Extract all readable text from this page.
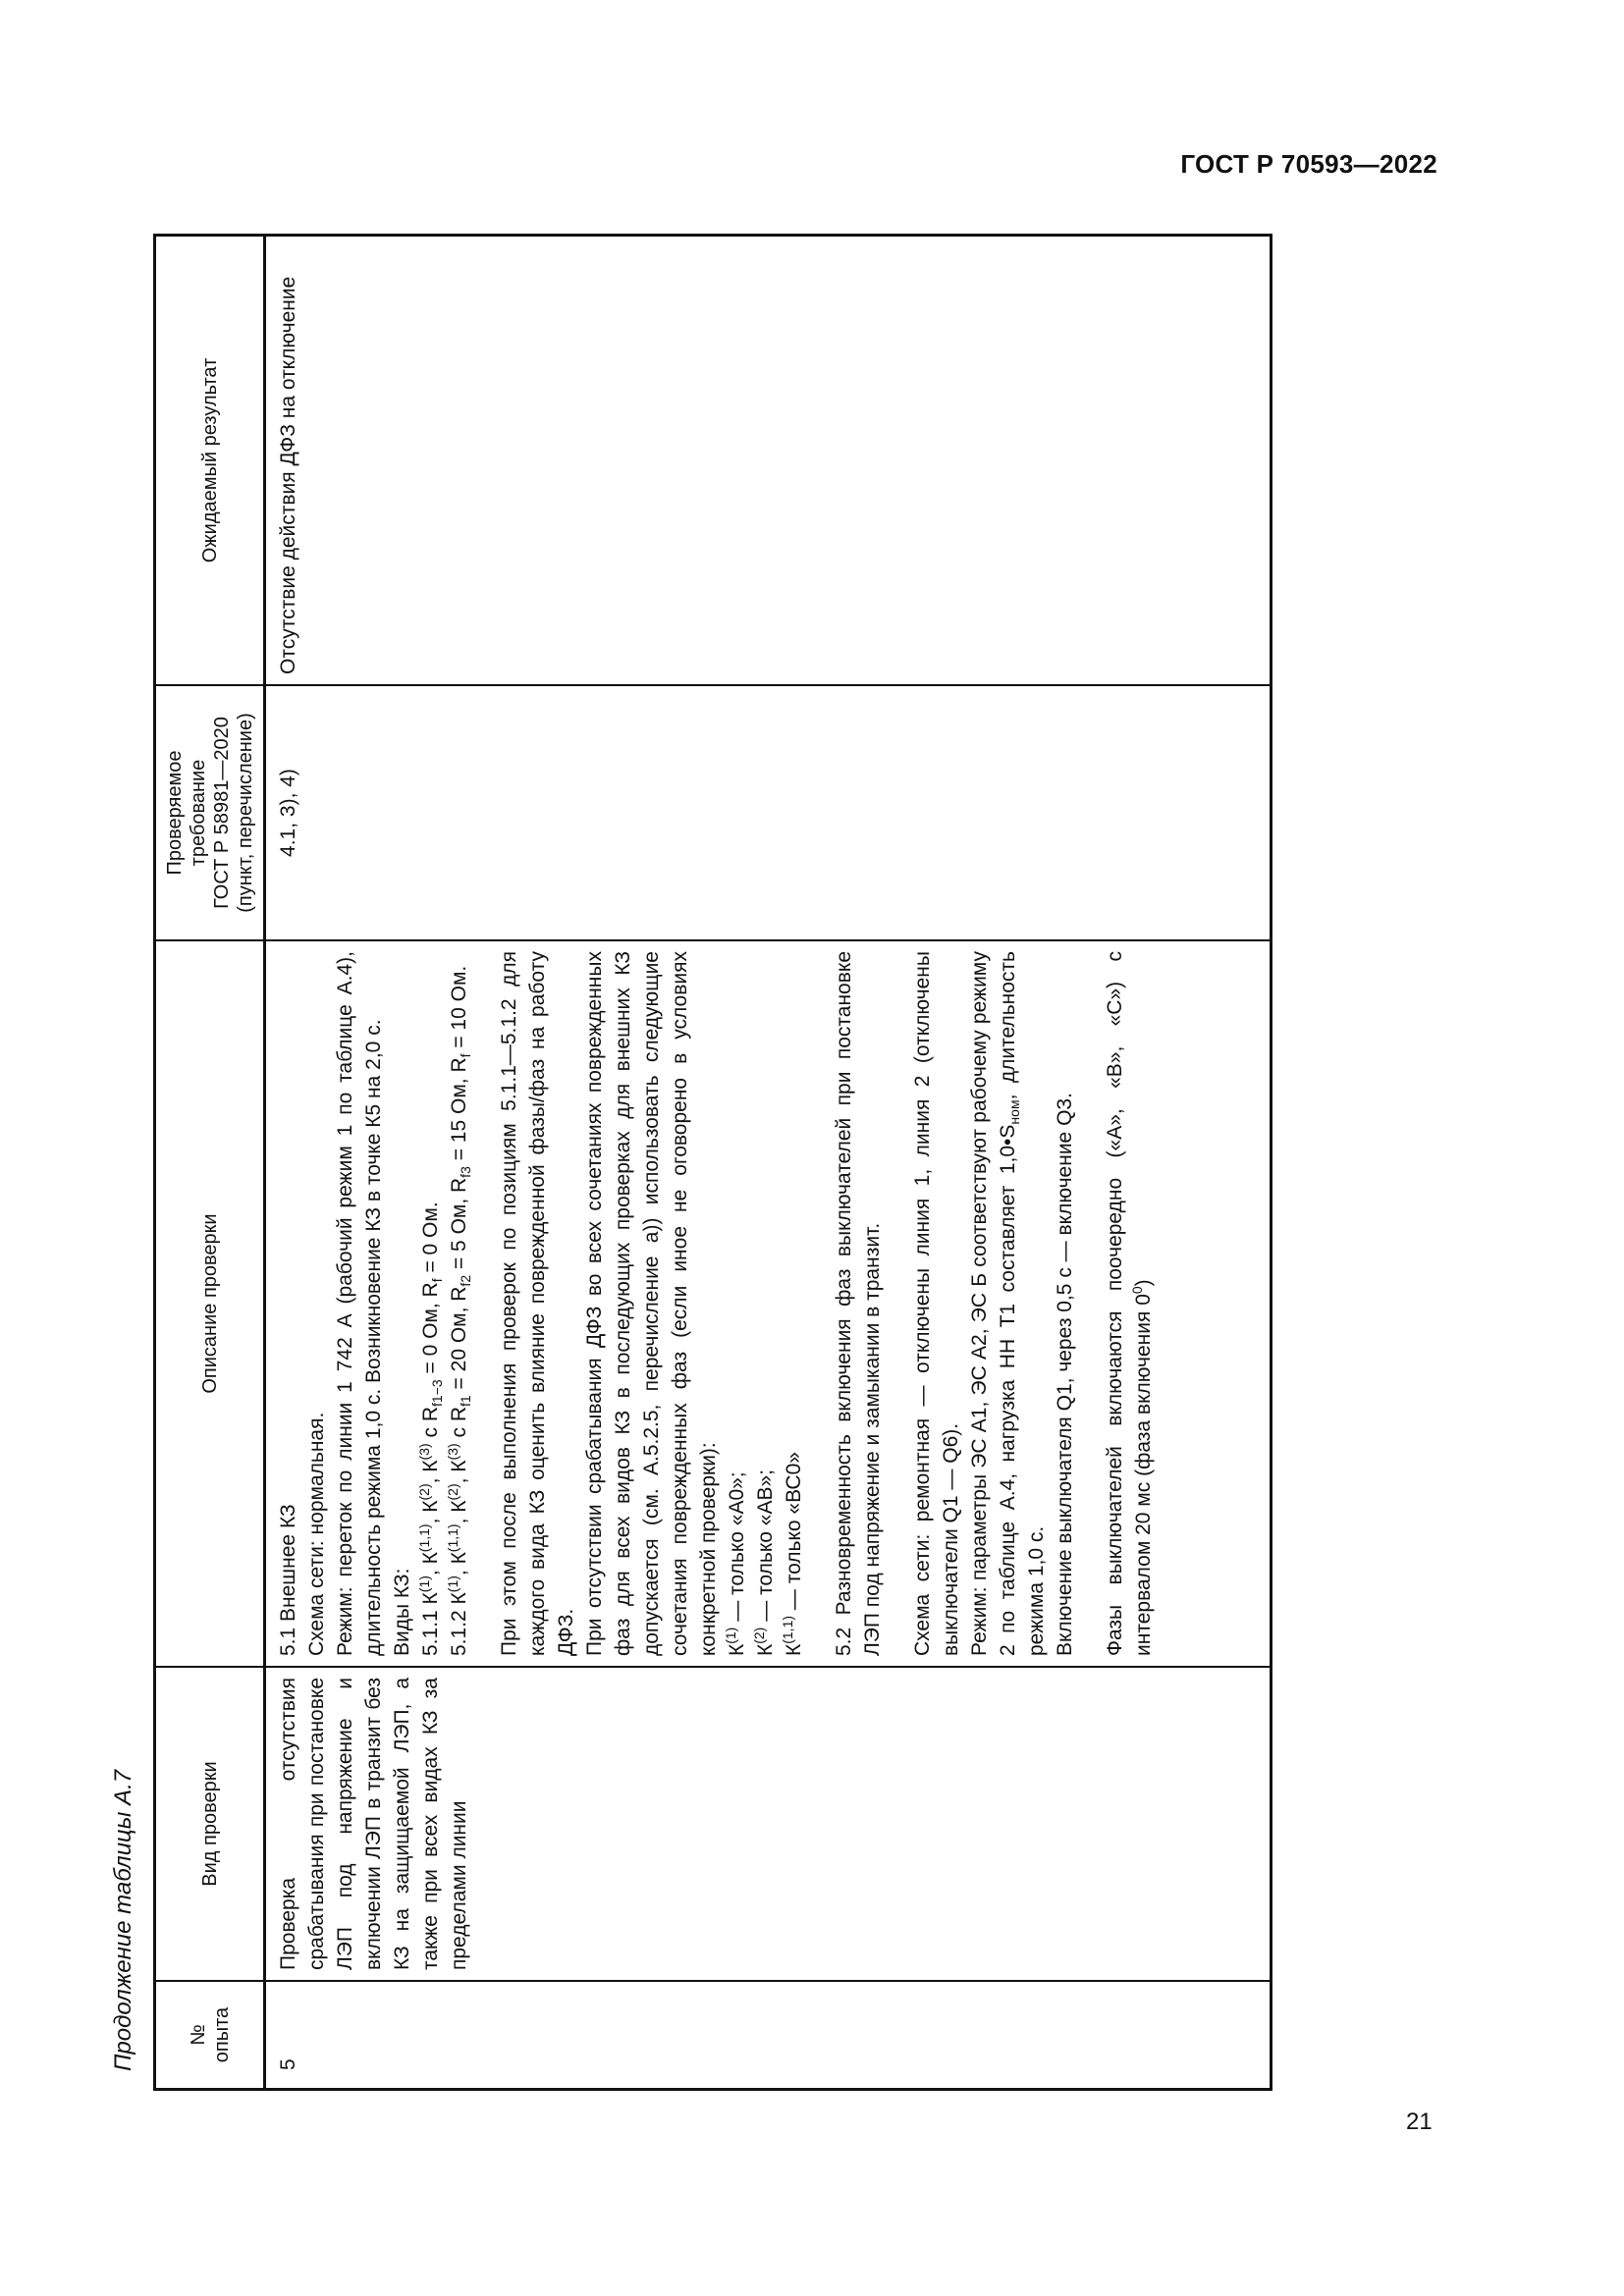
ГОСТ Р 70593—2022
Продолжение таблицы А.7	№ опыта
Вид проверки
Описание проверки
Проверяемое требование ГОСТ Р 58981—2020 (пункт, перечисление)
Ожидаемый результат
5
Проверка отсутствия срабатывания при постановке ЛЭП под напряжение и включении ЛЭП в транзит без КЗ на защищаемой ЛЭП, а также при всех видах КЗ за пределами линии

5.1 Внешнее КЗ Схема сети: нормальная. Режим: переток по линии 1 742 А (рабочий режим 1 по таблице А.4), длительность режима 1,0 с. Возникновение КЗ в точке К5 на 2,0 с. Виды КЗ: 5.1.1 $К^{(1)}$, К$^{(1,1)}$, $К^{(2)}$, $К^{(3)}$ с $R_{f1-3} = 0$ Ом, $R_f = 0$ Ом.

5.1.2 $К^{(1)}$, К$^{(1,1)}$, $К^{(2)}$, $К^{(3)}$ с $R_{f1} = 20$ Ом, $R_{f2} = 5$ Ом, $R_{f3} = 15$ Ом, $R_f = 10$ Ом. При этом после выполнения проверок по позициям 5.1.1—5.1.2 для каждого вида КЗ оценить влияние поврежденной фазы/фаз на работу ДФЗ. При отсутствии срабатывания ДФЗ во всех сочетаниях поврежденных фаз для всех видов КЗ в последующих проверках для внешних КЗ допускается (см. А.5.2.5, перечисление а)) использовать следующие сочетания поврежденных фаз (если иное не оговорено в условиях конкретной проверки): $К^{(1)}$ — только «А0»;

$К^{(2)}$ — только «АВ»;

К$^{(1,1)}$ — только «ВС0» 5.2 Разновременность включения фаз выключателей при постановке ЛЭП под напряжение и замыкании в транзит. Схема сети: ремонтная — отключены линия 1, линия 2 (отключены выключатели Q1 — Q6). Режим: параметры ЭС А1, ЭС А2, ЭС Б соответствуют рабочему режиму 2 по таблице А.4, нагрузка НН Т1 составляет $1,0•S_{ном}$, длительность режима 1,0 с. Включение выключателя Q1, через 0,5 с — включение Q3. Фазы выключателей включаются поочередно («А», «В», «С») с интервалом 20 мс (фаза включения $0^0$)

4.1, 3), 4)
Отсутствие действия ДФЗ на отключение
21
